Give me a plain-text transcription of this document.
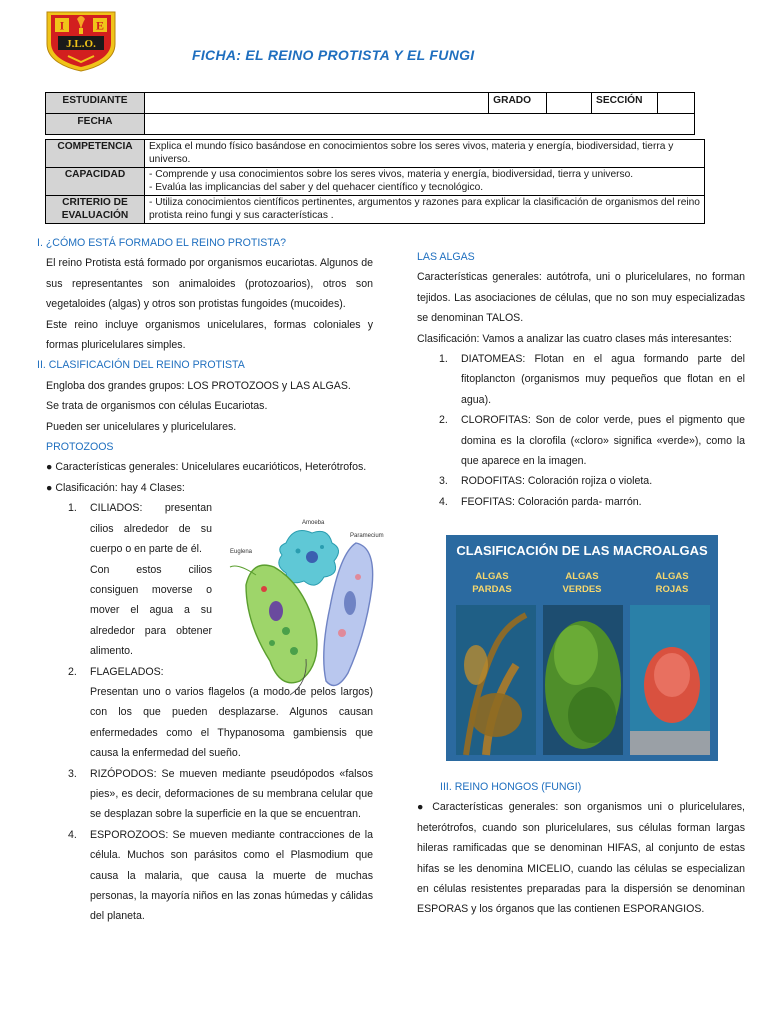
I	E
J.L.O.
FICHA: EL REINO PROTISTA Y EL FUNGI
ESTUDIANTE		GRADO		SECCIÓN	
FECHA					
COMPETENCIA	Explica el mundo físico basándose en conocimientos sobre los seres vivos, materia y energía, biodiversidad, tierra y universo.
CAPACIDAD	- Comprende y usa conocimientos sobre los seres vivos, materia y energía, biodiversidad, tierra y universo.
- Evalúa las implicancias del saber y del quehacer científico y tecnológico.

CRITERIO DE EVALUACIÓN	- Utiliza conocimientos científicos pertinentes, argumentos y razones para explicar la clasificación de organismos del reino protista reino fungi y sus características .

I. ¿CÓMO ESTÁ FORMADO EL REINO PROTISTA?

El reino Protista está formado por organismos eucariotas. Algunos de sus representantes son animaloides (protozoarios), otros son vegetaloides (algas) y otros son protistas fungoides (mucoides).

Este reino incluye organismos unicelulares, formas coloniales y formas pluricelulares simples.

II. CLASIFICACIÓN DEL REINO PROTISTA

Engloba dos grandes grupos: LOS PROTOZOOS y LAS ALGAS.

Se trata de organismos con células Eucariotas.

Pueden ser unicelulares y pluricelulares.

PROTOZOOS

● Características generales: Unicelulares eucarióticos, Heterótrofos.

● Clasificación: hay 4 Clases:

1. CILIADOS: presentan cilios alrededor de su cuerpo o en parte de él.

Con estos cilios consiguen moverse o mover el agua a su alrededor para obtener alimento.

2. FLAGELADOS:

Presentan uno o varios flagelos (a modo de pelos largos) con los que pueden desplazarse. Algunos causan enfermedades como el Thypanosoma gambiensis que causa la enfermedad del sueño.

3. RIZÓPODOS: Se mueven mediante pseudópodos «falsos pies», es decir, deformaciones de su membrana celular que se desplazan sobre la superficie en la que se encuentran.

4. ESPOROZOOS: Se mueven mediante contracciones de la célula. Muchos son parásitos como el Plasmodium que causa la malaria, que causa la muerte de muchas personas, la mayoría niños en las zonas húmedas y cálidas del planeta.

Amoeba
Paramecium
Euglena

LAS ALGAS

Características generales: autótrofa, uni o pluricelulares, no forman tejidos. Las asociaciones de células, que no son muy especializadas se denominan TALOS.

Clasificación: Vamos a analizar las cuatro clases más interesantes:

1. DIATOMEAS: Flotan en el agua formando parte del fitoplancton (organismos muy pequeños que flotan en el agua).

2. CLOROFITAS: Son de color verde, pues el pigmento que domina es la clorofila («cloro» significa «verde»), como la que aparece en la imagen.

3. RODOFITAS: Coloración rojiza o violeta.

4. FEOFITAS: Coloración parda- marrón.

CLASIFICACIÓN DE LAS MACROALGAS
ALGAS
PARDAS
ALGAS
VERDES
ALGAS
ROJAS

III. REINO HONGOS (FUNGI)

● Características generales: son organismos uni o pluricelulares, heterótrofos, cuando son pluricelulares, sus células forman largas hileras ramificadas que se denominan HIFAS, al conjunto de estas hifas se les denomina MICELIO, cuando las células se especializan en células resistentes preparadas para la dispersión se denominan ESPORAS y los órganos que las contienen ESPORANGIOS.
